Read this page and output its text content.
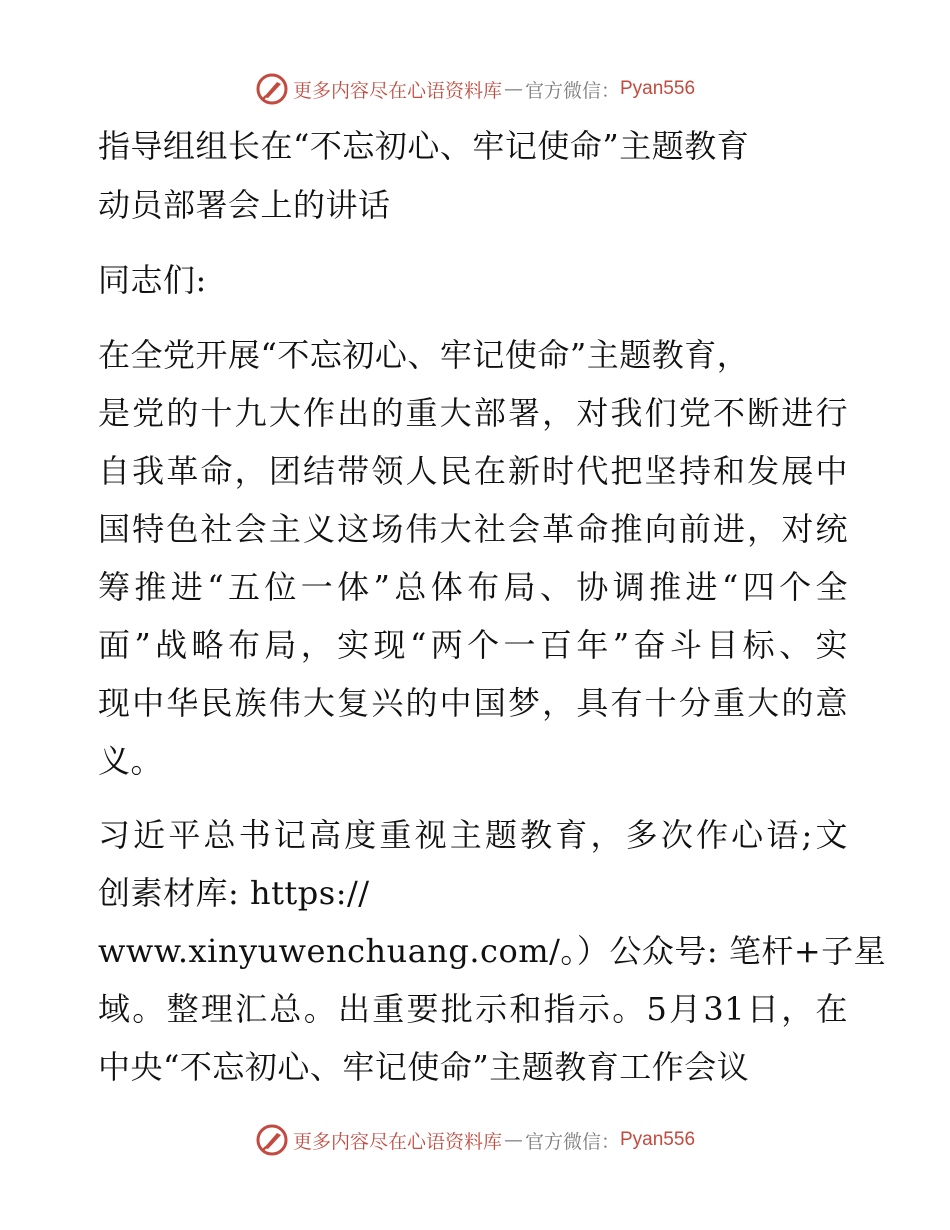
更多内容尽在心语资料库 — 官方微信： Pyan556
指导组组长在“不忘初心、牢记使命”主题教育
动员部署会上的讲话
同志们:
在全党开展“不忘初心、牢记使命”主题教育，
是党的十九大作出的重大部署，对我们党不断进行
自我革命，团结带领人民在新时代把坚持和发展中
国特色社会主义这场伟大社会革命推向前进，对统
筹推进“五位一体”总体布局、协调推进“四个全
面”战略布局，实现“两个一百年”奋斗目标、实
现中华民族伟大复兴的中国梦，具有十分重大的意
义。
习近平总书记高度重视主题教育，多次作心语;文
创素材库: https://
www.xinyuwenchuang.com/。）公众号: 笔杆+子星
域。整理汇总。出重要批示和指示。5月31日，在
中央“不忘初心、牢记使命”主题教育工作会议
更多内容尽在心语资料库 — 官方微信： Pyan556
